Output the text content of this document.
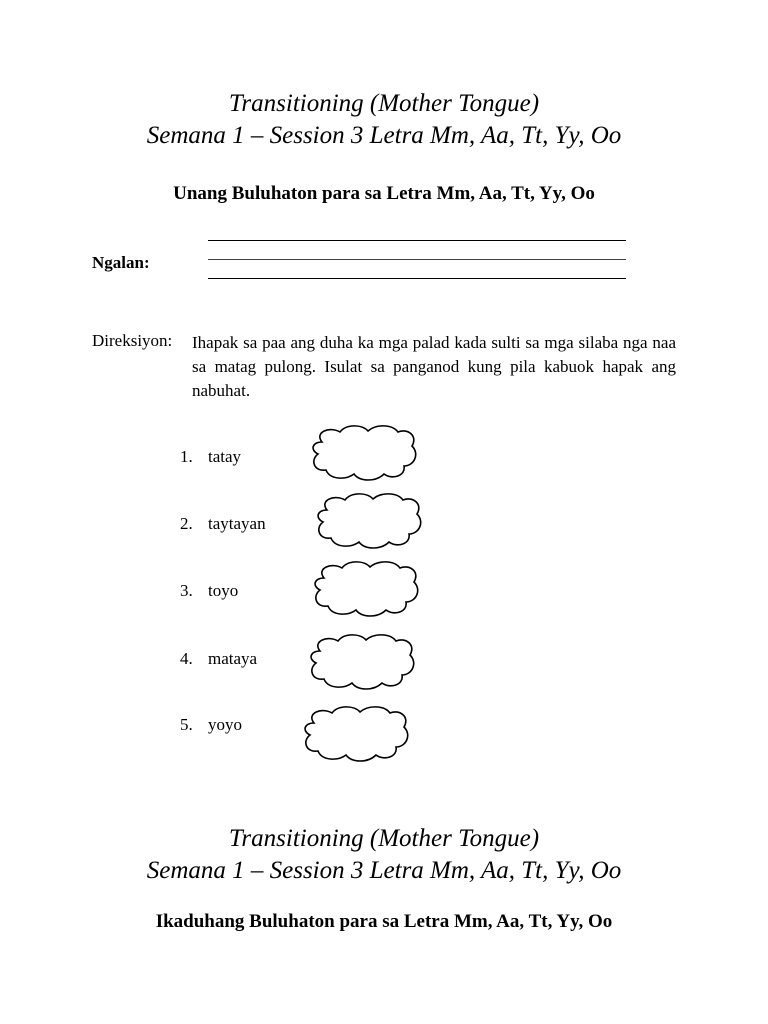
Transitioning (Mother Tongue)
Semana 1 – Session 3 Letra Mm, Aa, Tt, Yy, Oo
Unang Buluhaton para sa Letra Mm, Aa, Tt, Yy, Oo
Ngalan:
Direksiyon: Ihapak sa paa ang duha ka mga palad kada sulti sa mga silaba nga naa sa matag pulong. Isulat sa panganod kung pila kabuok hapak ang nabuhat.
1. tatay
2. taytayan
3. toyo
4. mataya
5. yoyo
Transitioning (Mother Tongue)
Semana 1 – Session 3 Letra Mm, Aa, Tt, Yy, Oo
Ikaduhang Buluhaton para sa Letra Mm, Aa, Tt, Yy, Oo
